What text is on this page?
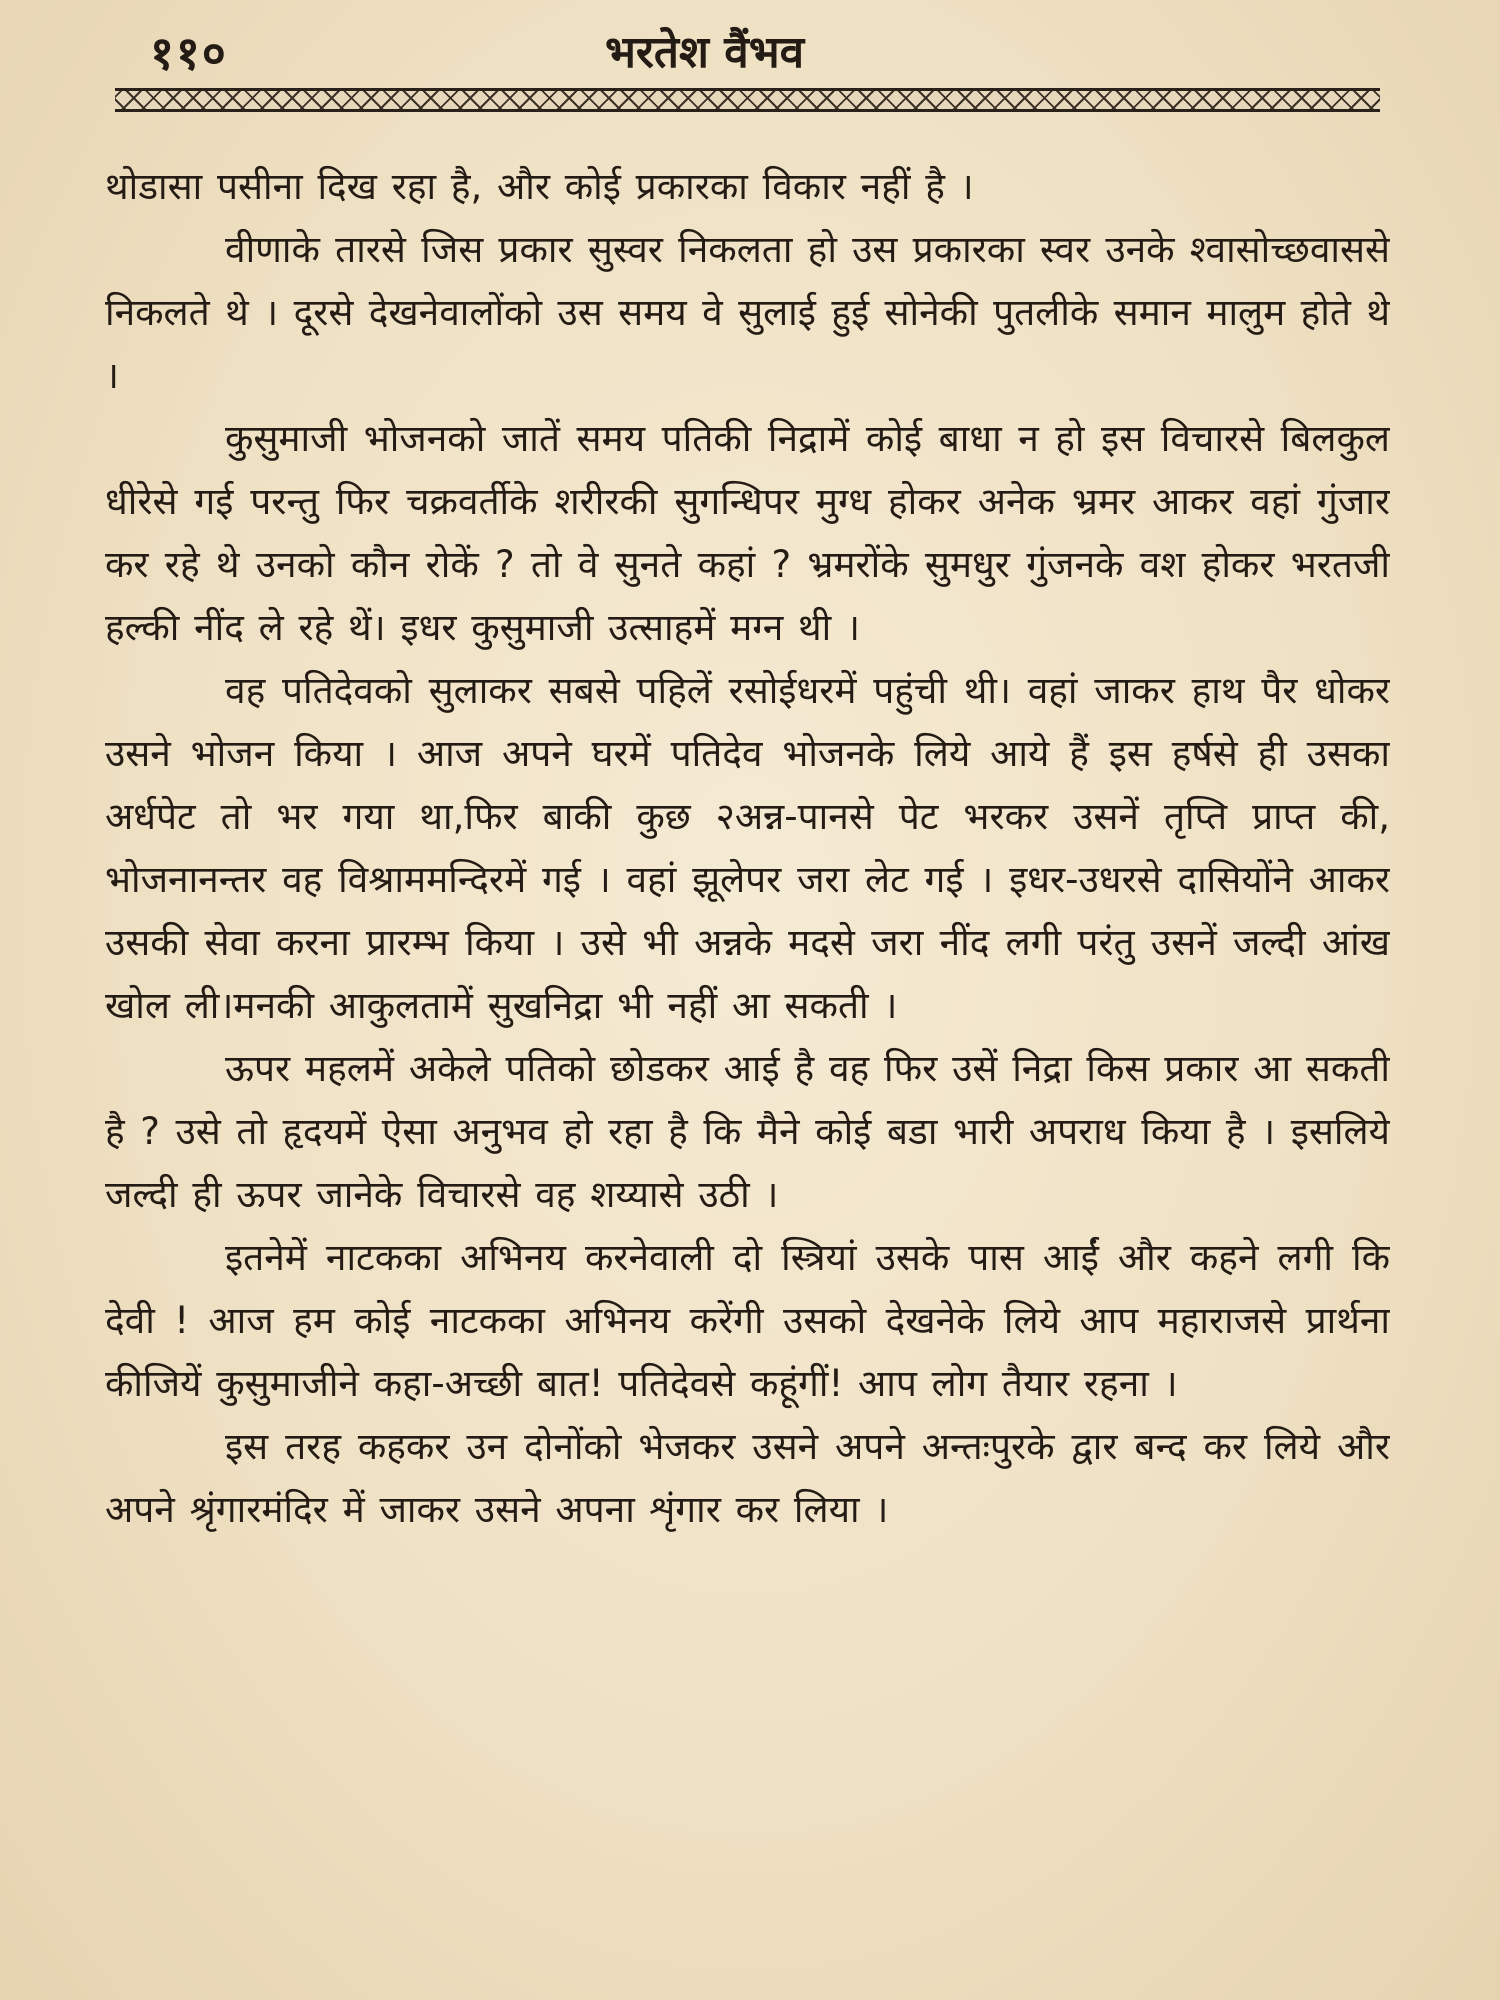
११०	भरतेश वैंभव

थोडासा पसीना दिख रहा है, और कोई प्रकारका विकार नहीं है ।

वीणाके तारसे जिस प्रकार सुस्वर निकलता हो उस प्रकारका स्वर उनके श्वासोच्छवाससे निकलते थे । दूरसे देखनेवालोंको उस समय वे सुलाई हुई सोनेकी पुतलीके समान मालुम होते थे ।

कुसुमाजी भोजनको जातें समय पतिकी निद्रामें कोई बाधा न हो इस विचारसे बिलकुल धीरेसे गई परन्तु फिर चक्रवर्तीके शरीरकी सुगन्धिपर मुग्ध होकर अनेक भ्रमर आकर वहां गुंजार कर रहे थे उनको कौन रोकें ? तो वे सुनते कहां ? भ्रमरोंके सुमधुर गुंजनके वश होकर भरतजी हल्की नींद ले रहे थें। इधर कुसुमाजी उत्साहमें मग्न थी ।

वह पतिदेवको सुलाकर सबसे पहिलें रसोईधरमें पहुंची थी। वहां जाकर हाथ पैर धोकर उसने भोजन किया । आज अपने घरमें पतिदेव भोजनके लिये आये हैं इस हर्षसे ही उसका अर्धपेट तो भर गया था,फिर बाकी कुछ २अन्न-पानसे पेट भरकर उसनें तृप्ति प्राप्त की, भोजनानन्तर वह विश्राममन्दिरमें गई । वहां झूलेपर जरा लेट गई । इधर-उधरसे दासियोंने आकर उसकी सेवा करना प्रारम्भ किया । उसे भी अन्नके मदसे जरा नींद लगी परंतु उसनें जल्दी आंख खोल ली।मनकी आकुलतामें सुखनिद्रा भी नहीं आ सकती ।

ऊपर महलमें अकेले पतिको छोडकर आई है वह फिर उसें निद्रा किस प्रकार आ सकती है ? उसे तो हृदयमें ऐसा अनुभव हो रहा है कि मैने कोई बडा भारी अपराध किया है । इसलिये जल्दी ही ऊपर जानेके विचारसे वह शय्यासे उठी ।

इतनेमें नाटकका अभिनय करनेवाली दो स्त्रियां उसके पास आईं और कहने लगी कि देवी ! आज हम कोई नाटकका अभिनय करेंगी उसको देखनेके लिये आप महाराजसे प्रार्थना कीजियें कुसुमाजीने कहा-अच्छी बात! पतिदेवसे कहूंगीं! आप लोग तैयार रहना ।

इस तरह कहकर उन दोनोंको भेजकर उसने अपने अन्तःपुरके द्वार बन्द कर लिये और अपने श्रृंगारमंदिर में जाकर उसने अपना शृंगार कर लिया ।
